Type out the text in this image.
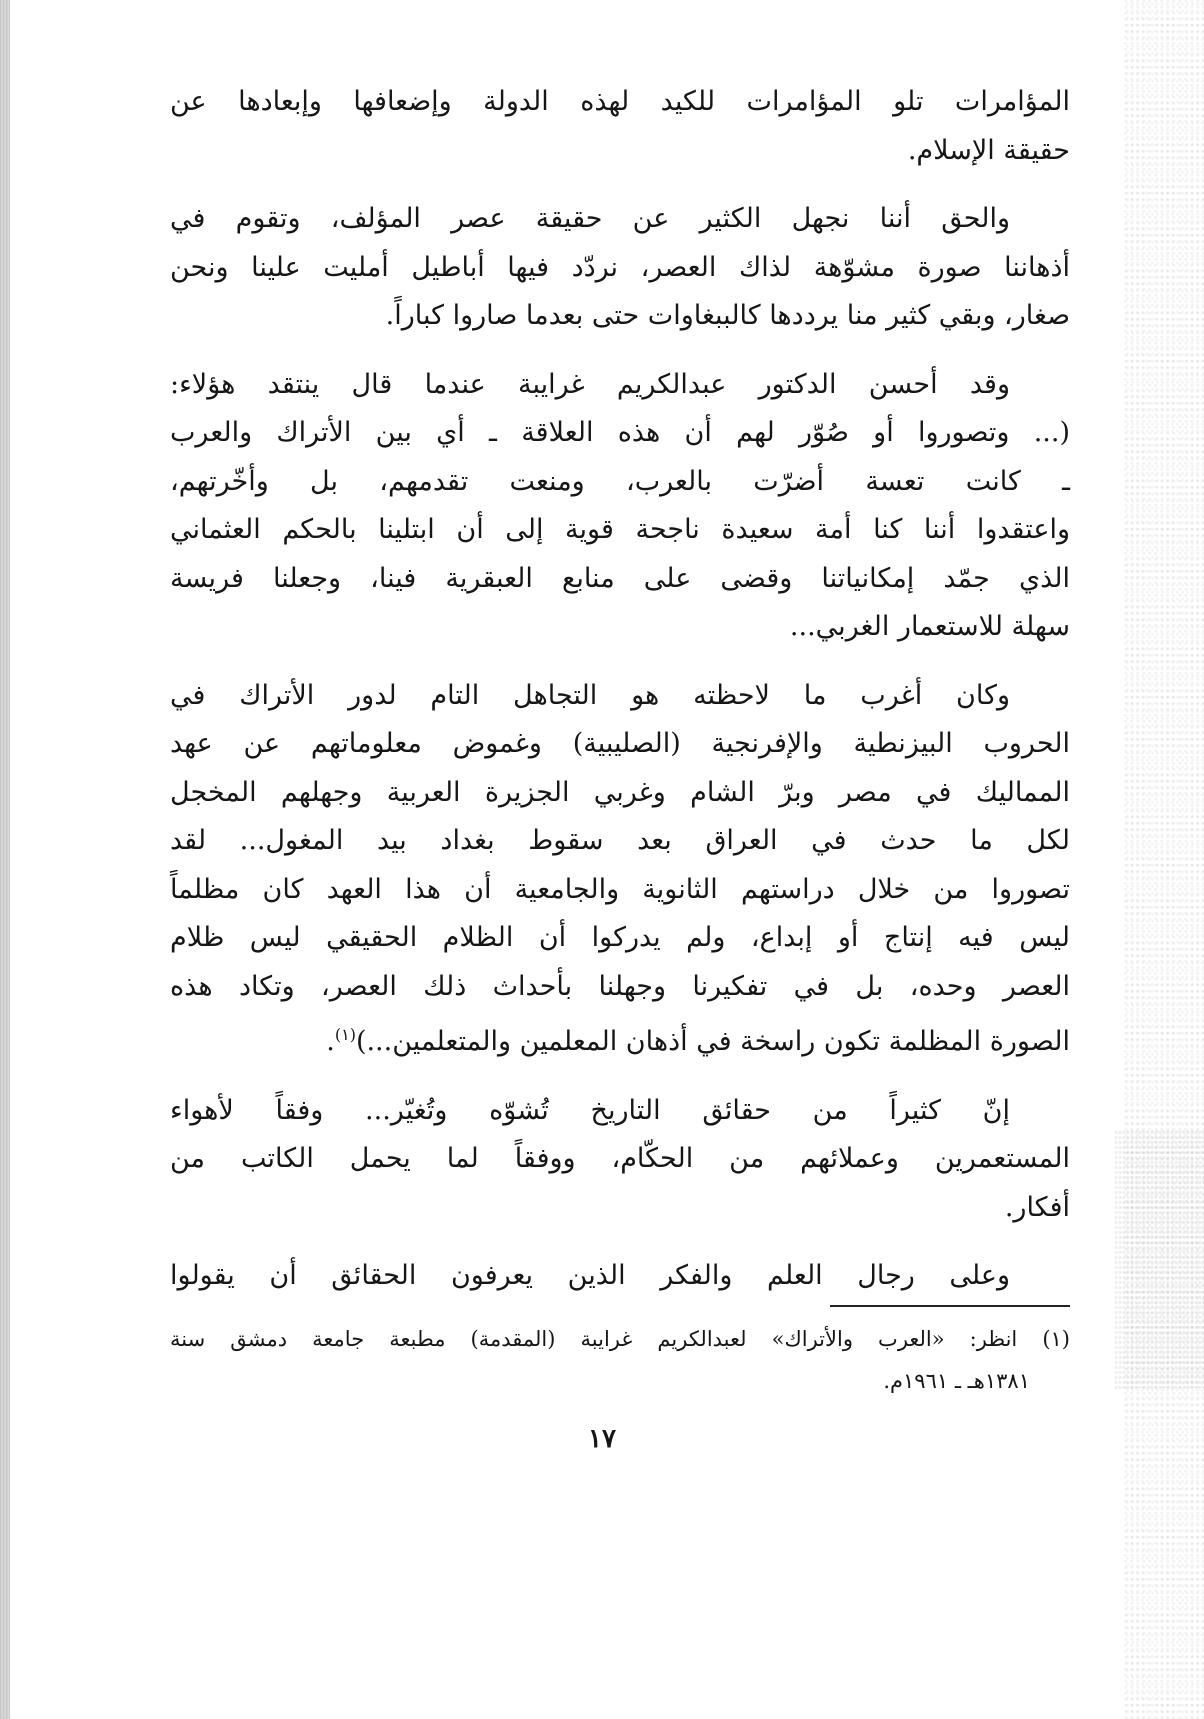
المؤامرات تلو المؤامرات للكيد لهذه الدولة وإضعافها وإبعادها عن
حقيقة الإسلام.

والحق أننا نجهل الكثير عن حقيقة عصر المؤلف، وتقوم في
أذهاننا صورة مشوّهة لذاك العصر، نردّد فيها أباطيل أمليت علينا ونحن
صغار، وبقي كثير منا يرددها كالببغاوات حتى بعدما صاروا كباراً.

وقد أحسن الدكتور عبدالكريم غرايبة عندما قال ينتقد هؤلاء:
(... وتصوروا أو صُوّر لهم أن هذه العلاقة ـ أي بين الأتراك والعرب
ـ كانت تعسة أضرّت بالعرب، ومنعت تقدمهم، بل وأخّرتهم،
واعتقدوا أننا كنا أمة سعيدة ناجحة قوية إلى أن ابتلينا بالحكم العثماني
الذي جمّد إمكانياتنا وقضى على منابع العبقرية فينا، وجعلنا فريسة
سهلة للاستعمار الغربي...

وكان أغرب ما لاحظته هو التجاهل التام لدور الأتراك في
الحروب البيزنطية والإفرنجية (الصليبية) وغموض معلوماتهم عن عهد
المماليك في مصر وبرّ الشام وغربي الجزيرة العربية وجهلهم المخجل
لكل ما حدث في العراق بعد سقوط بغداد بيد المغول... لقد
تصوروا من خلال دراستهم الثانوية والجامعية أن هذا العهد كان مظلماً
ليس فيه إنتاج أو إبداع، ولم يدركوا أن الظلام الحقيقي ليس ظلام
العصر وحده، بل في تفكيرنا وجهلنا بأحداث ذلك العصر، وتكاد هذه
الصورة المظلمة تكون راسخة في أذهان المعلمين والمتعلمين...)$^{(١)}$.

إنّ كثيراً من حقائق التاريخ تُشوّه وتُغيّر... وفقاً لأهواء
المستعمرين وعملائهم من الحكّام، ووفقاً لما يحمل الكاتب من
أفكار.

وعلى رجال العلم والفكر الذين يعرفون الحقائق أن يقولوا

(١) انظر: «العرب والأتراك» لعبدالكريم غرايبة (المقدمة) مطبعة جامعة دمشق سنة
١٣٨١هـ ـ ١٩٦١م.
١٧
